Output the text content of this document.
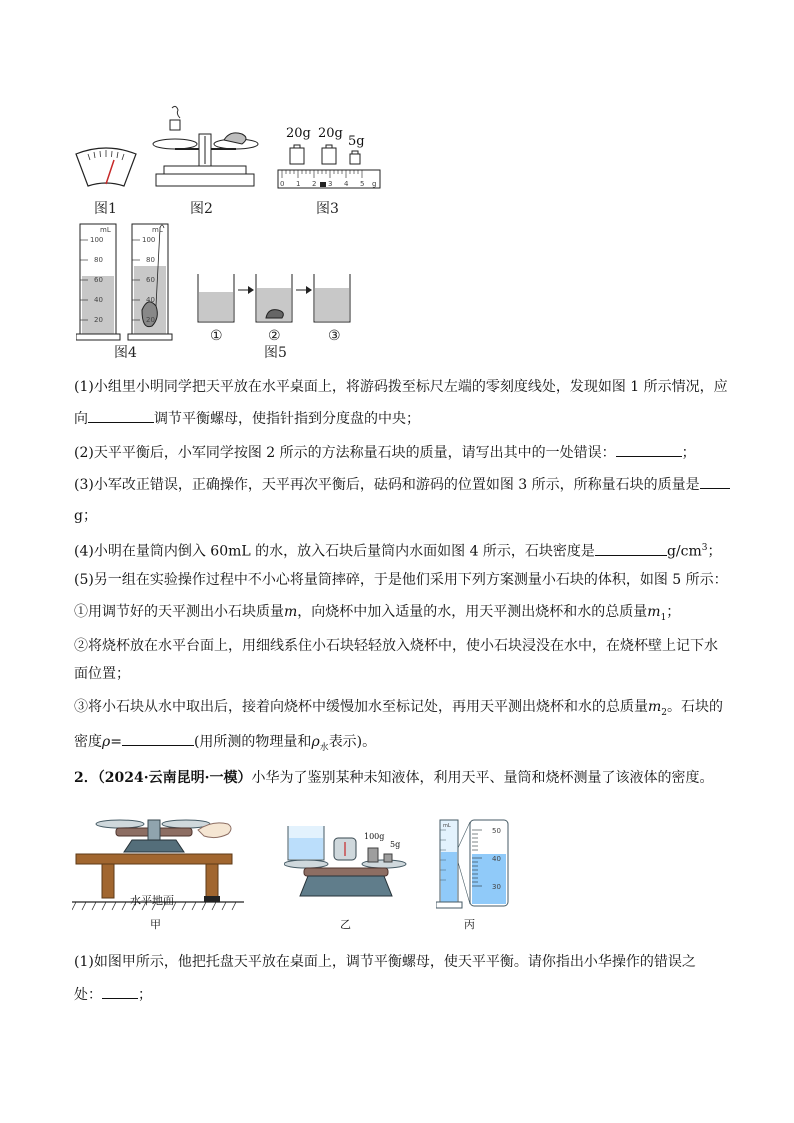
图1	图2
20g 20g
5g
0 1 2 3 4 5 g
图3
mL
100
80
60
40
20
mL
100
80
60
40
20
图4
①	②	③
图5
(1)小组里小明同学把天平放在水平桌面上，将游码拨至标尺左端的零刻度线处，发现如图 1 所示情况，应
向	调节平衡螺母，使指针指到分度盘的中央；
(2)天平平衡后，小军同学按图 2 所示的方法称量石块的质量，请写出其中的一处错误：	；
(3)小军改正错误，正确操作，天平再次平衡后，砝码和游码的位置如图 3 所示，所称量石块的质量是
g；
(4)小明在量筒内倒入 60mL 的水，放入石块后量筒内水面如图 4 所示，石块密度是	$g/cm^3$；
(5)另一组在实验操作过程中不小心将量筒摔碎，于是他们采用下列方案测量小石块的体积，如图 5 所示：
①用调节好的天平测出小石块质量m，向烧杯中加入适量的水，用天平测出烧杯和水的总质量$m_1$；
②将烧杯放在水平台面上，用细线系住小石块轻轻放入烧杯中，使小石块浸没在水中，在烧杯壁上记下水
面位置；
③将小石块从水中取出后，接着向烧杯中缓慢加水至标记处，再用天平测出烧杯和水的总质量$m_2$。石块的
密度ρ=	(用所测的物理量和$\rho_水$表示)。
2．（2024·云南昆明·一模）小华为了鉴别某种未知液体，利用天平、量筒和烧杯测量了该液体的密度。
水平地面
甲
100g
5g
乙
mL
50
40
30
丙
(1)如图甲所示，他把托盘天平放在桌面上，调节平衡螺母，使天平平衡。请你指出小华操作的错误之
处：	；
